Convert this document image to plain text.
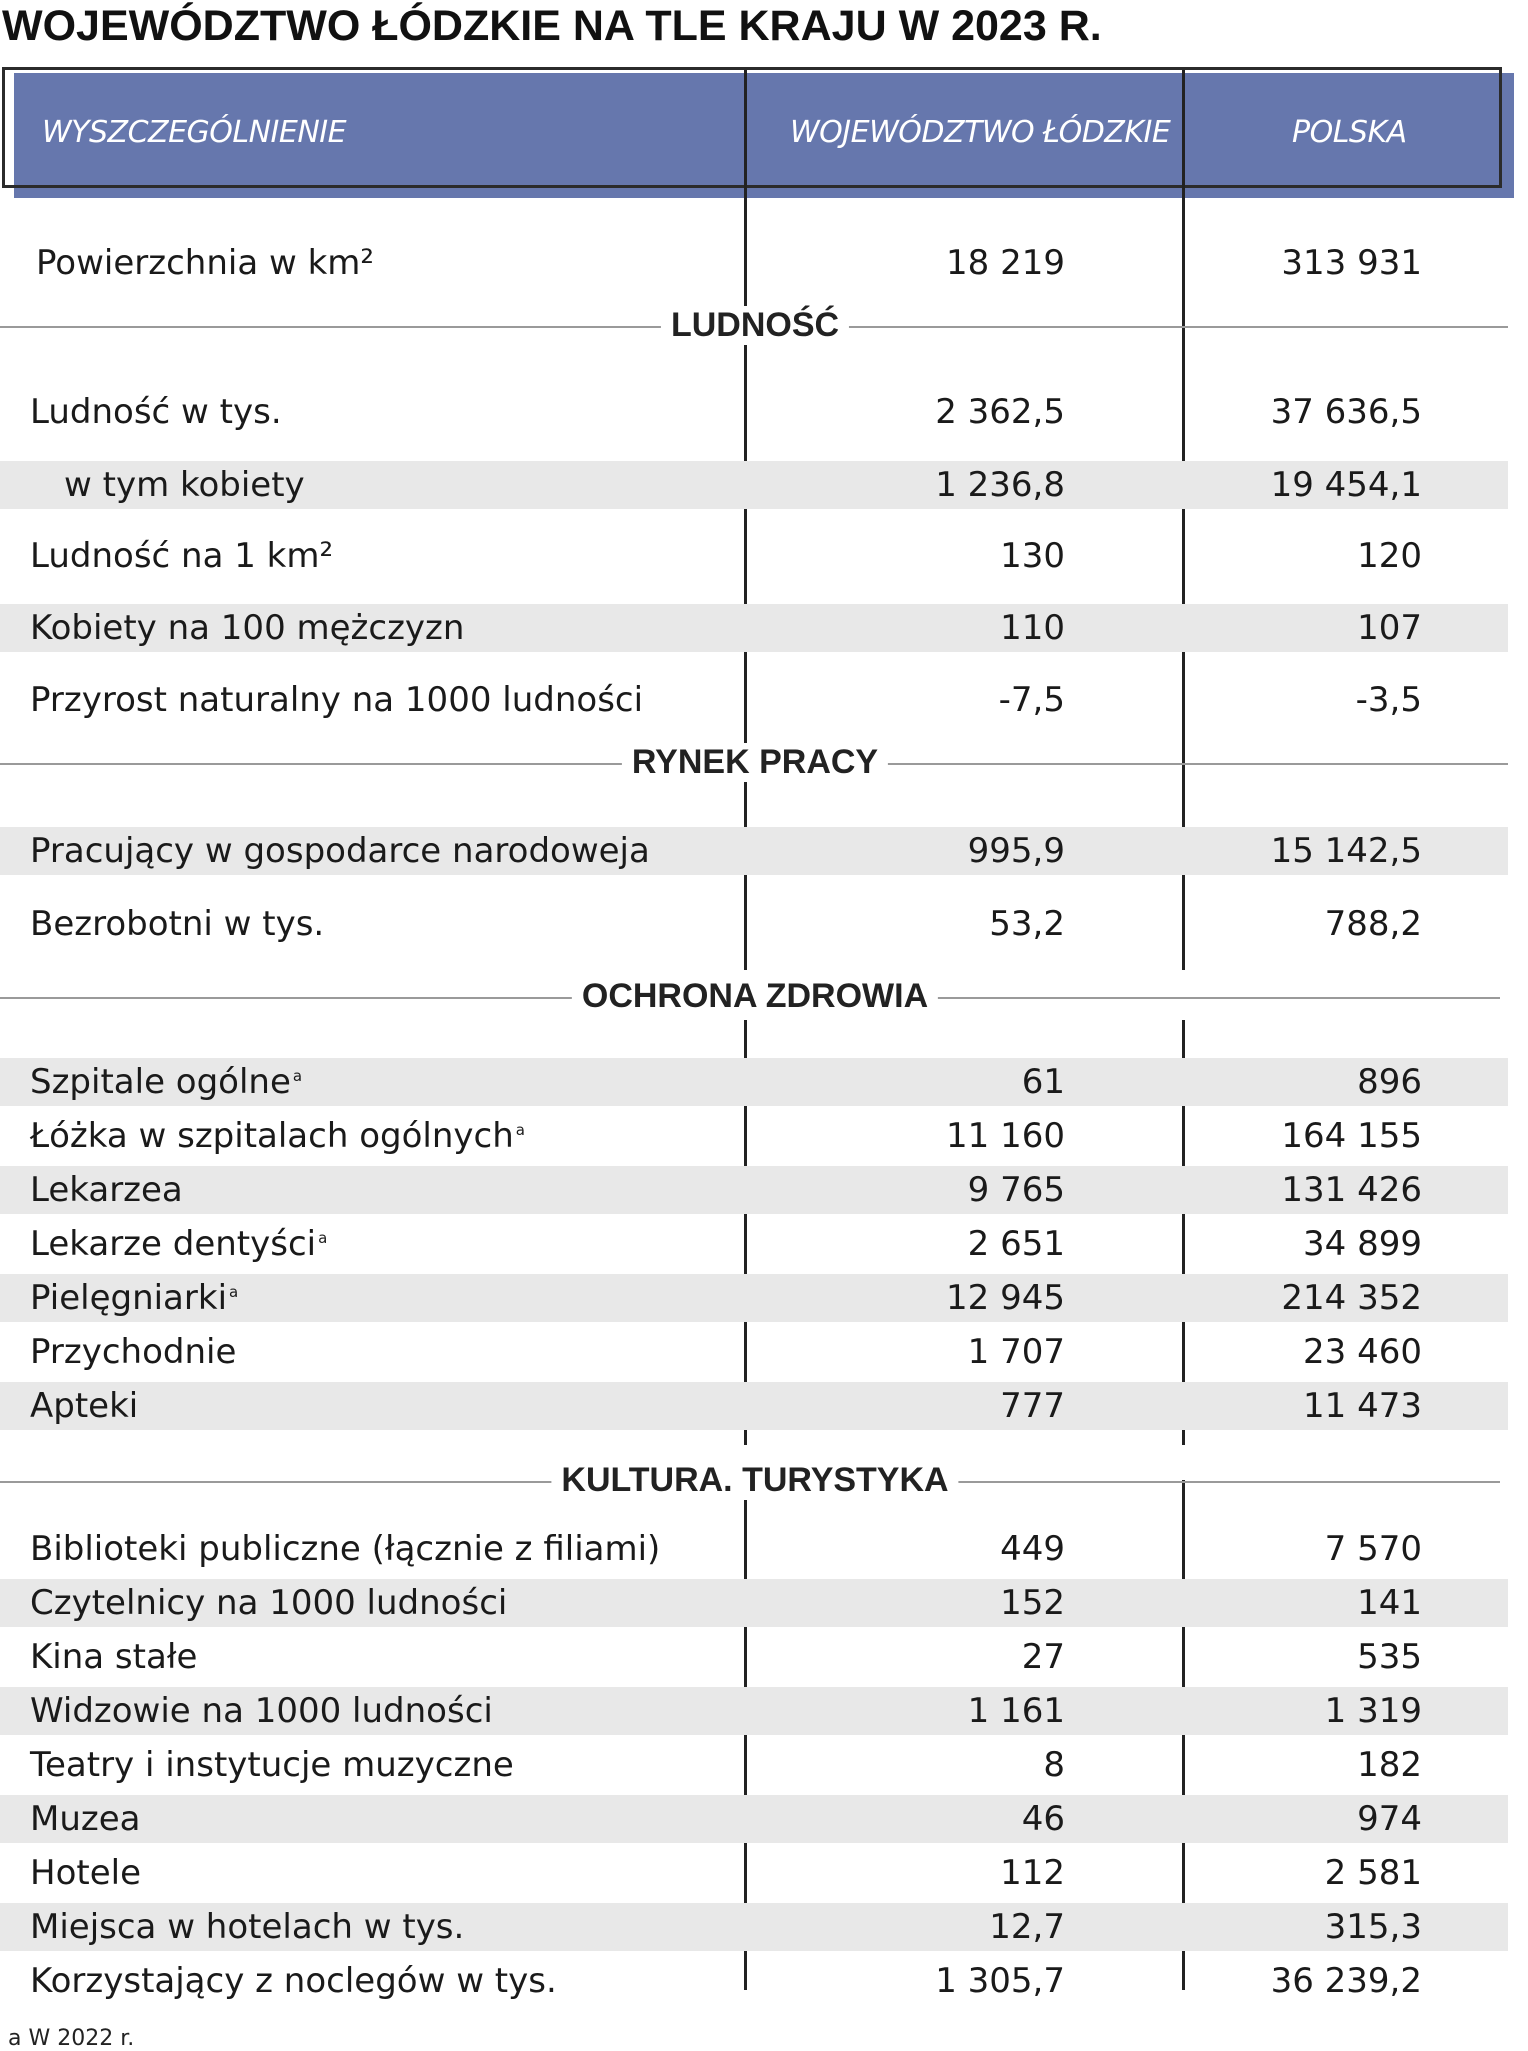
WOJEWÓDZTWO ŁÓDZKIE NA TLE KRAJU W 2023 R.
WYSZCZEGÓLNIENIE	WOJEWÓDZTWO ŁÓDZKIE	POLSKA
Powierzchnia w km²	18 219	313 931
LUDNOŚĆ
Ludność w tys.	2 362,5	37 636,5
w tym kobiety	1 236,8	19 454,1
Ludność na 1 km²	130	120
Kobiety na 100 mężczyzn	110	107
Przyrost naturalny na 1000 ludności	-7,5	-3,5
RYNEK PRACY
Pracujący w gospodarce narodoweja	995,9	15 142,5
Bezrobotni w tys.	53,2	788,2
OCHRONA ZDROWIA
Szpitale ogólne $^a$	61	896
Łóżka w szpitalach ogólnych $^a$	11 160	164 155
Lekarzea	9 765	131 426
Lekarze dentyści $^a$	2 651	34 899
Pielęgniarki $^a$	12 945	214 352
Przychodnie	1 707	23 460
Apteki	777	11 473
KULTURA. TURYSTYKA
Biblioteki publiczne (łącznie z filiami)	449	7 570
Czytelnicy na 1000 ludności	152	141
Kina stałe	27	535
Widzowie na 1000 ludności	1 161	1 319
Teatry i instytucje muzyczne	8	182
Muzea	46	974
Hotele	112	2 581
Miejsca w hotelach w tys.	12,7	315,3
Korzystający z noclegów w tys.	1 305,7	36 239,2
a W 2022 r.
